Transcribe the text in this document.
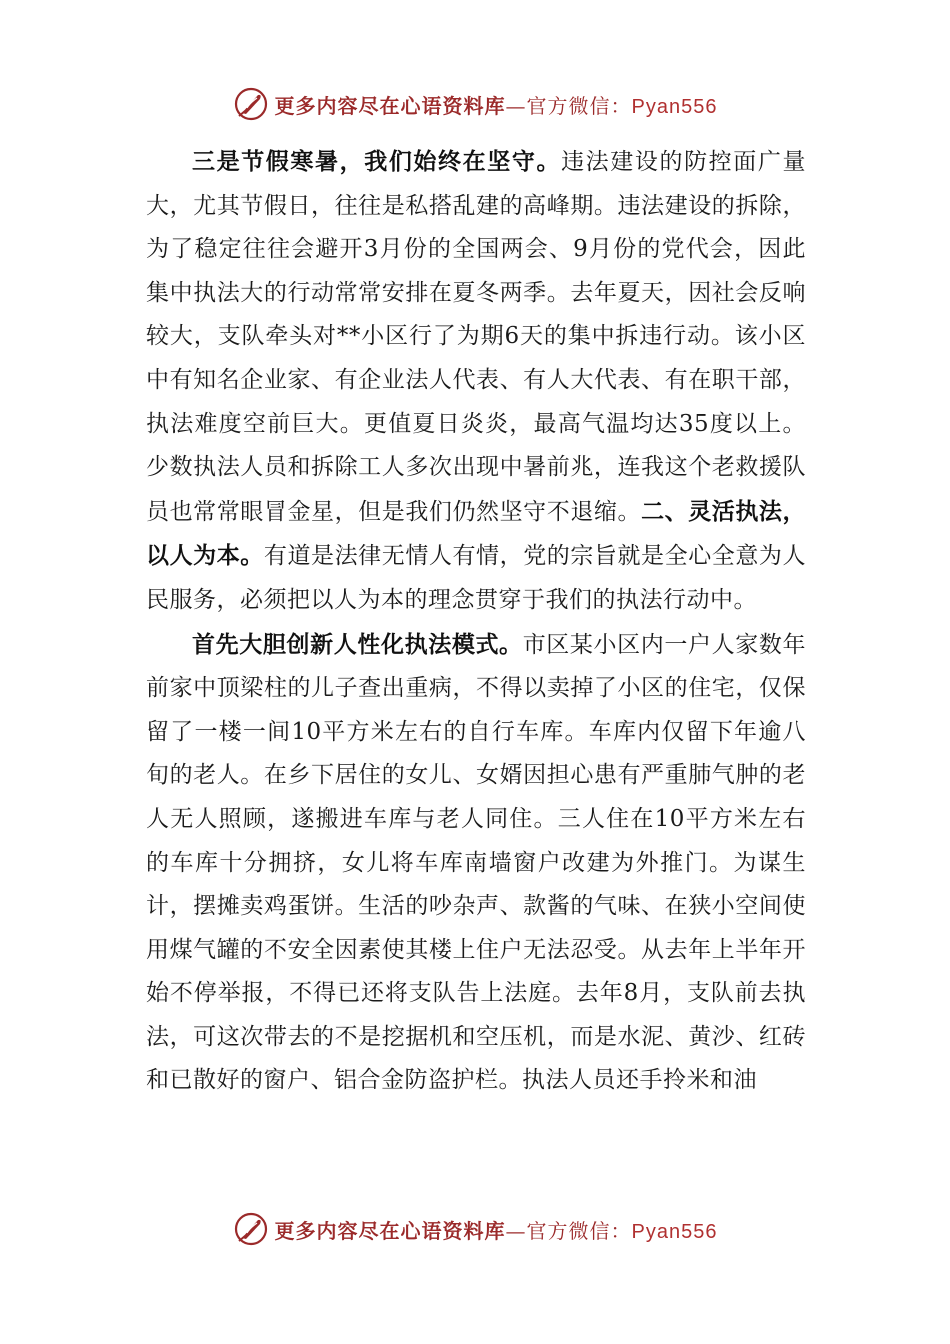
更多内容尽在心语资料库—官方微信：Pyan556

三是节假寒暑，我们始终在坚守。违法建设的防控面广量大，尤其节假日，往往是私搭乱建的高峰期。违法建设的拆除，为了稳定往往会避开3月份的全国两会、9月份的党代会，因此集中执法大的行动常常安排在夏冬两季。去年夏天，因社会反响较大，支队牵头对**小区行了为期6天的集中拆违行动。该小区中有知名企业家、有企业法人代表、有人大代表、有在职干部，执法难度空前巨大。更值夏日炎炎，最高气温均达35度以上。少数执法人员和拆除工人多次出现中暑前兆，连我这个老救援队员也常常眼冒金星，但是我们仍然坚守不退缩。二、灵活执法，以人为本。有道是法律无情人有情，党的宗旨就是全心全意为人民服务，必须把以人为本的理念贯穿于我们的执法行动中。

首先大胆创新人性化执法模式。市区某小区内一户人家数年前家中顶梁柱的儿子查出重病，不得以卖掉了小区的住宅，仅保留了一楼一间10平方米左右的自行车库。车库内仅留下年逾八旬的老人。在乡下居住的女儿、女婿因担心患有严重肺气肿的老人无人照顾，遂搬进车库与老人同住。三人住在10平方米左右的车库十分拥挤，女儿将车库南墙窗户改建为外推门。为谋生计，摆摊卖鸡蛋饼。生活的吵杂声、款酱的气味、在狭小空间使用煤气罐的不安全因素使其楼上住户无法忍受。从去年上半年开始不停举报，不得已还将支队告上法庭。去年8月，支队前去执法，可这次带去的不是挖据机和空压机，而是水泥、黄沙、红砖和已散好的窗户、铝合金防盗护栏。执法人员还手拎米和油

更多内容尽在心语资料库—官方微信：Pyan556
